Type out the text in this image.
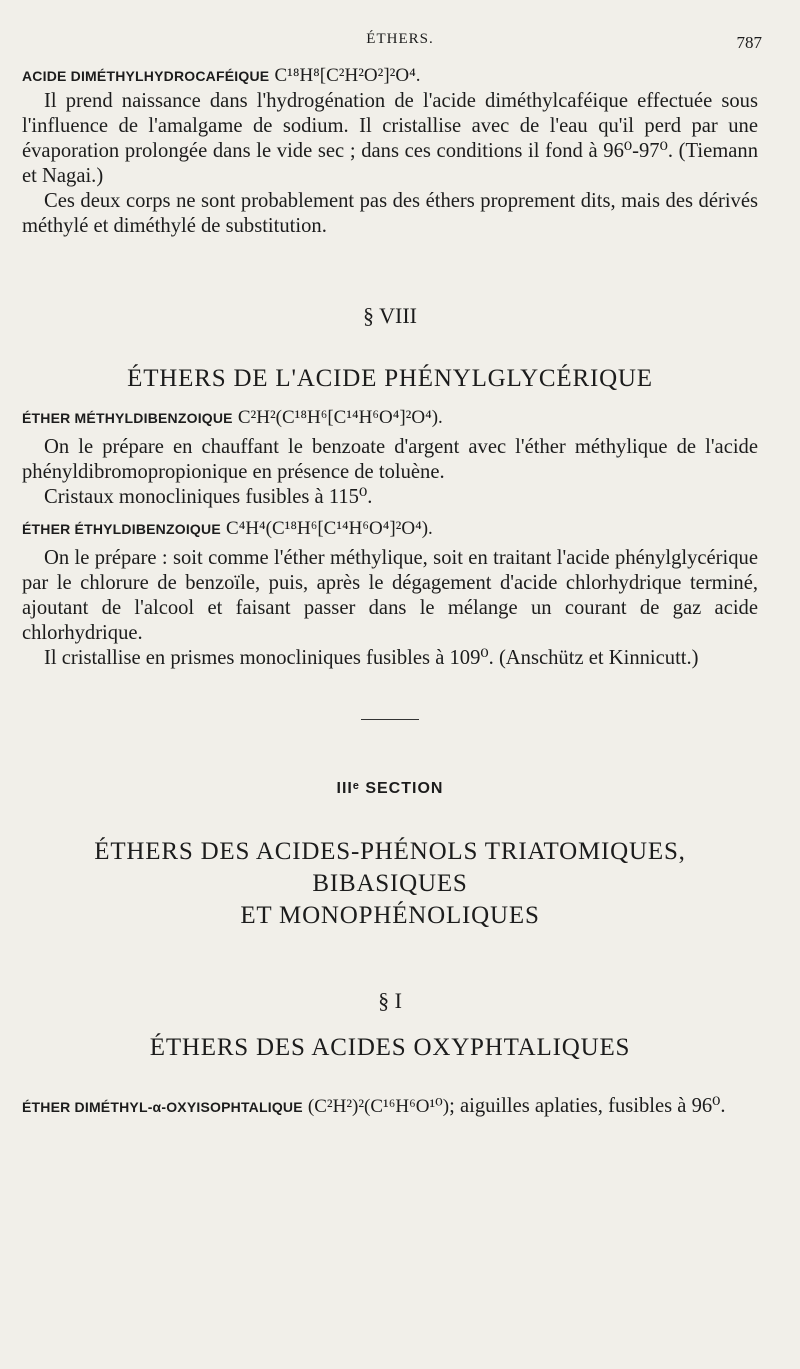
ÉTHERS.	787

ACIDE DIMÉTHYLHYDROCAFÉIQUE C¹⁸H⁸[C²H²O²]²O⁴.

Il prend naissance dans l'hydrogénation de l'acide diméthylcaféique effectuée sous l'influence de l'amalgame de sodium. Il cristallise avec de l'eau qu'il perd par une évaporation prolongée dans le vide sec ; dans ces conditions il fond à 96⁰-97⁰. (Tiemann et Nagai.)

Ces deux corps ne sont probablement pas des éthers proprement dits, mais des dérivés méthylé et diméthylé de substitution.

§ VIII
ÉTHERS DE L'ACIDE PHÉNYLGLYCÉRIQUE

ÉTHER MÉTHYLDIBENZOIQUE C²H²(C¹⁸H⁶[C¹⁴H⁶O⁴]²O⁴).

On le prépare en chauffant le benzoate d'argent avec l'éther méthylique de l'acide phényldibromopropionique en présence de toluène.

Cristaux monocliniques fusibles à 115⁰.

ÉTHER ÉTHYLDIBENZOIQUE C⁴H⁴(C¹⁸H⁶[C¹⁴H⁶O⁴]²O⁴).

On le prépare : soit comme l'éther méthylique, soit en traitant l'acide phénylglycérique par le chlorure de benzoïle, puis, après le dégagement d'acide chlorhydrique terminé, ajoutant de l'alcool et faisant passer dans le mélange un courant de gaz acide chlorhydrique.

Il cristallise en prismes monocliniques fusibles à 109⁰. (Anschütz et Kinnicutt.)

IIIᵉ SECTION
ÉTHERS DES ACIDES-PHÉNOLS TRIATOMIQUES, BIBASIQUES
ET MONOPHÉNOLIQUES
§ I
ÉTHERS DES ACIDES OXYPHTALIQUES

ÉTHER DIMÉTHYL-α-OXYISOPHTALIQUE (C²H²)²(C¹⁶H⁶O¹⁰); aiguilles aplaties, fusibles à 96⁰.
